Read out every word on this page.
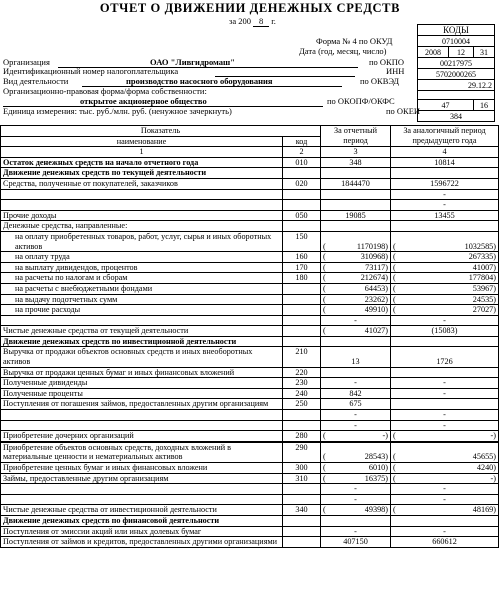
ОТЧЕТ О ДВИЖЕНИИ ДЕНЕЖНЫХ СРЕДСТВ
за 200 8 г.
Форма № 4 по ОКУД
Дата (год, месяц, число)
Организация	ОАО "Ливгидромаш"	по ОКПО
Идентификационный номер налогоплательщика	ИНН
Вид деятельности	производство насосного оборудования	по ОКВЭД
Организационно-правовая форма/форма собственности:
открытое акционерное общество	по ОКОПФ/ОКФС
Единица измерения: тыс. руб./млн. руб. (ненужное зачеркнуть)	по ОКЕИ
КОДЫ		
0710004		
2008	12	31
00217975		
5702000265		
29.12.2		

47		16
384		
Показатель		За отчетный период	За аналогичный период предыдущего года
наименование	код		
1	2	3	4
Остаток денежных средств на начало отчетного года	010	348	10814
Движение денежных средств по текущей деятельности			
Средства, полученные от покупателей, заказчиков	020	1844470	1596722
			-
			-
Прочие доходы	050	19085	13455
Денежные средства, направленные:			
на оплату приобретенных товаров, работ, услуг, сырья и иных оборотных активов	150	( 1170198)	( 1032585)

на оплату труда	160	( 310968)	( 267335)

на выплату дивидендов, процентов	170	( 73117)	( 41007)

на расчеты по налогам и сборам	180	( 212674)	( 177804)

на расчеты с внебюджетными фондами		( 64453)	( 53967)

на выдачу подотчетных сумм		( 23262)	( 24535)

на прочие расходы		( 49910)	( 27027)

		-	-
Чистые денежные средства от текущей деятельности		( 41027)	(15083)
Движение денежных средств по инвестиционной деятельности			
Выручка от продажи объектов основных средств и иных внеоборотных активов	210	13	1726
Выручка от продажи ценных бумаг и иных финансовых вложений	220		
Полученные дивиденды	230	-	-
Полученные проценты	240	842	-
Поступления от погашения займов, предоставленных другим организациям	250	675	
		-	-
		-	-
Приобретение дочерних организаций	280	( -)	( -)

Приобретение объектов основных средств, доходных вложений в материальные ценности и нематериальных активов	290	( 28543)	( 45655)

Приобретение ценных бумаг и иных финансовых вложени	300	( 6010)	( 4240)

Займы, предоставленные другим организациям	310	( 16375)	( -)

		-	-
		-	-
Чистые денежные средства от инвестиционной деятельности	340	( 49398)	( 48169)

Движение денежных средств по финансовой деятельности			
Поступления от эмиссии акций или иных долевых бумаг		-	-
Поступления от займов и кредитов, предоставленных другими организациями		407150	660612
